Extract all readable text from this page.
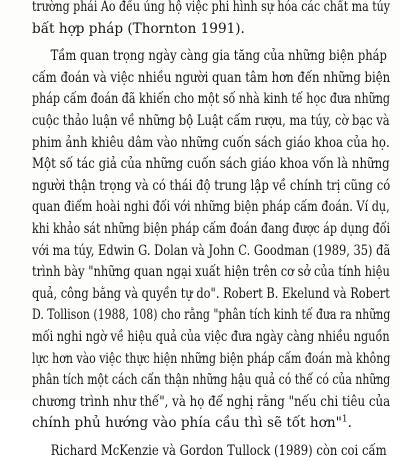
trường phái Áo đều ủng hộ việc phi hình sự hóa các chất ma túy
bất hợp pháp (Thornton 1991).
Tầm quan trọng ngày càng gia tăng của những biện pháp
cấm đoán và việc nhiều người quan tâm hơn đến những biện
pháp cấm đoán đã khiến cho một số nhà kinh tế học đưa những
cuộc thảo luận về những bộ Luật cấm rượu, ma túy, cờ bạc và
phim ảnh khiêu dâm vào những cuốn sách giáo khoa của họ.
Một số tác giả của những cuốn sách giáo khoa vốn là những
người thận trọng và có thái độ trung lập về chính trị cũng có
quan điểm hoài nghi đối với những biện pháp cấm đoán. Ví dụ,
khi khảo sát những biện pháp cấm đoán đang được áp dụng đối
với ma túy, Edwin G. Dolan và John C. Goodman (1989, 35) đã
trình bày "những quan ngại xuất hiện trên cơ sở của tính hiệu
quả, công bằng và quyền tự do". Robert B. Ekelund và Robert
D. Tollison (1988, 108) cho rằng "phân tích kinh tế đưa ra những
mối nghi ngờ về hiệu quả của việc đưa ngày càng nhiều nguồn
lực hơn vào việc thực hiện những biện pháp cấm đoán mà không
phân tích một cách cẩn thận những hậu quả có thể có của những
chương trình như thế", và họ để nghị rằng "nếu chi tiêu của
chính phủ hướng vào phía cầu thì sẽ tốt hơn"$^1$.
Richard McKenzie và Gordon Tullock (1989) còn coi cấm
